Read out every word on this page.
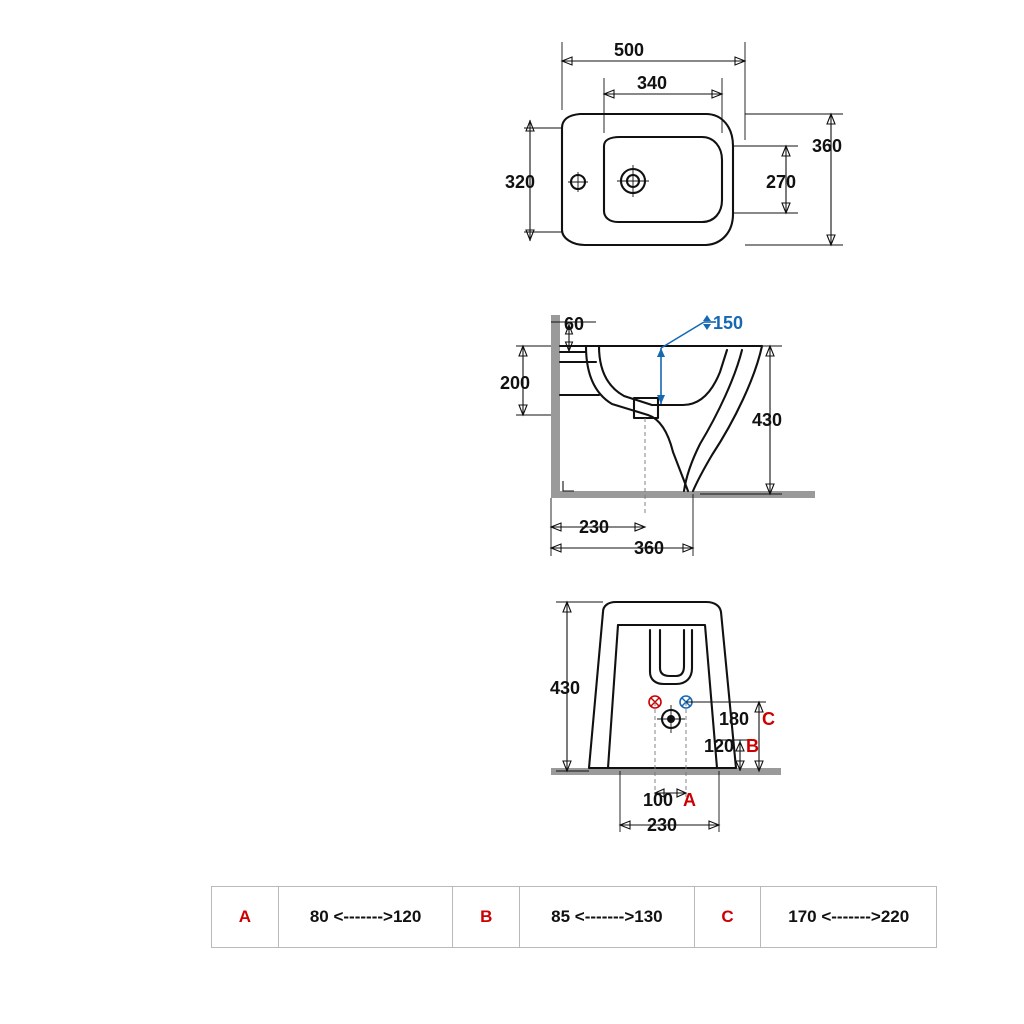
500
340
360
270
320
60
200
150
430
230
360
430
180 C
120 B
100 A
230
A	80 <------->120	B	85 <------->130	C	170 <------->220
